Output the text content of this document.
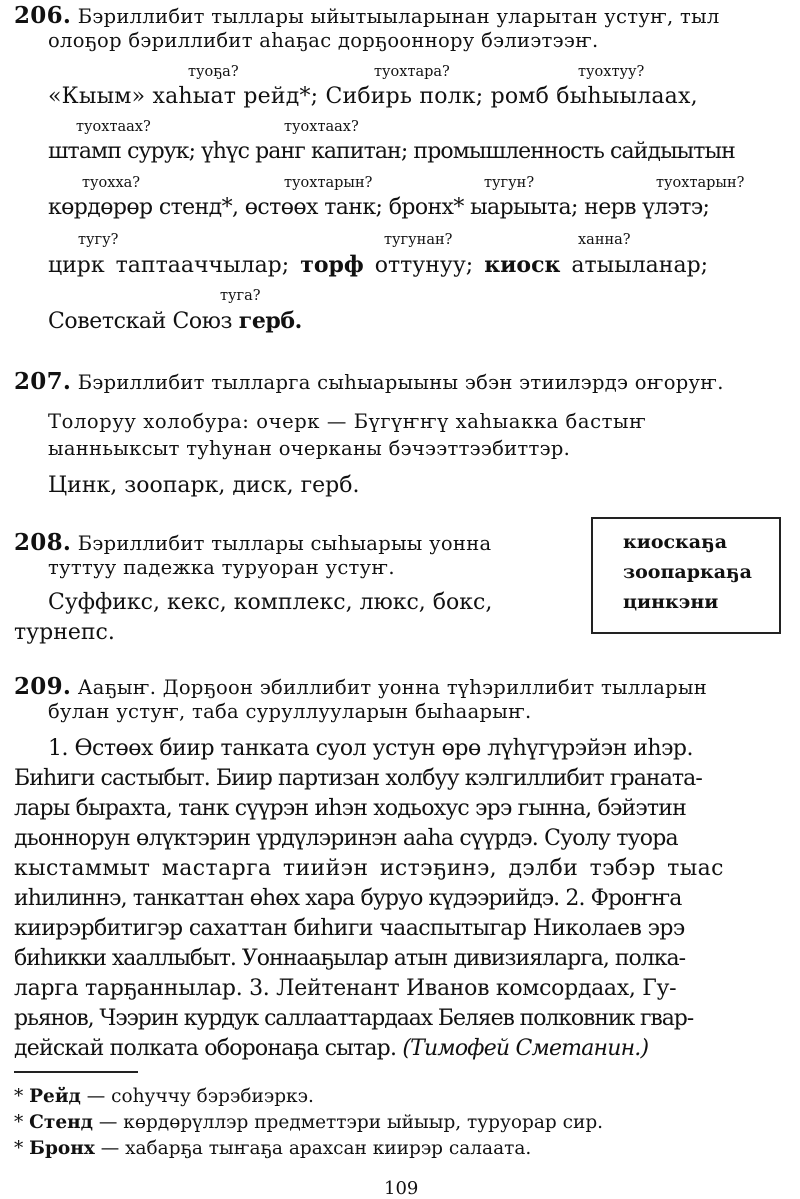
206. Бэриллибит тыллары ыйытыыларынан уларытан устуҥ, тыл
олоҕор бэриллибит аһаҕас дорҕооннору бэлиэтээҥ.
туоҕа?	туохтара?	туохтуу?
«Кыым» хаһыат рейд*; Сибирь полк; ромб быһыылаах,
туохтаах?	туохтаах?
штамп сурук; үһүс ранг капитан; промышленность сайдыытын
туохха?	туохтарын?	тугун?	туохтарын?
көрдөрөр стенд*, өстөөх танк; бронх* ыарыыта; нерв үлэтэ;
тугу?	тугунан?	ханна?
цирк таптааччылар; торф оттунуу; киоск атыыланар;
туга?
Советскай Союз герб.
207. Бэриллибит тылларга сыһыарыыны эбэн этиилэрдэ оҥоруҥ.
Толоруу холобура: очерк — Бүгүҥҥү хаһыакка бастыҥ
ыанньыксыт туһунан очерканы бэчээттээбиттэр.
Цинк, зоопарк, диск, герб.
208. Бэриллибит тыллары сыһыарыы уонна
туттуу падежка туруоран устуҥ.
Суффикс, кекс, комплекс, люкс, бокс,
турнепс.
киоскаҕа
зоопаркаҕа
цинкэни
209. Ааҕыҥ. Дорҕоон эбиллибит уонна түһэриллибит тылларын
булан устуҥ, таба суруллууларын быһаарыҥ.
1. Өстөөх биир танката суол устун өрө лүһүгүрэйэн иһэр.
Биһиги састыбыт. Биир партизан холбуу кэлгиллибит граната-
лары бырахта, танк сүүрэн иһэн ходьохус эрэ гынна, бэйэтин
дьоннорун өлүктэрин үрдүлэринэн ааһа сүүрдэ. Суолу туора
кыстаммыт мастарга тиийэн истэҕинэ, дэлби тэбэр тыас
иһилиннэ, танкаттан өһөх хара буруо күдээрийдэ. 2. Фроҥҥа
киирэрбитигэр сахаттан биһиги чааспытыгар Николаев эрэ
биһикки хааллыбыт. Уоннааҕылар атын дивизияларга, полка-
ларга тарҕаннылар. 3. Лейтенант Иванов комсордаах, Гу-
рьянов, Чээрин курдук саллааттардаах Беляев полковник гвар-
дейскай полката оборонаҕа сытар. (Тимофей Сметанин.)
* Рейд — соһуччу бэрэбиэркэ.
* Стенд — көрдөрүллэр предметтэри ыйыыр, туруорар сир.
* Бронх — хабарҕа тыҥаҕа арахсан киирэр салаата.
109
